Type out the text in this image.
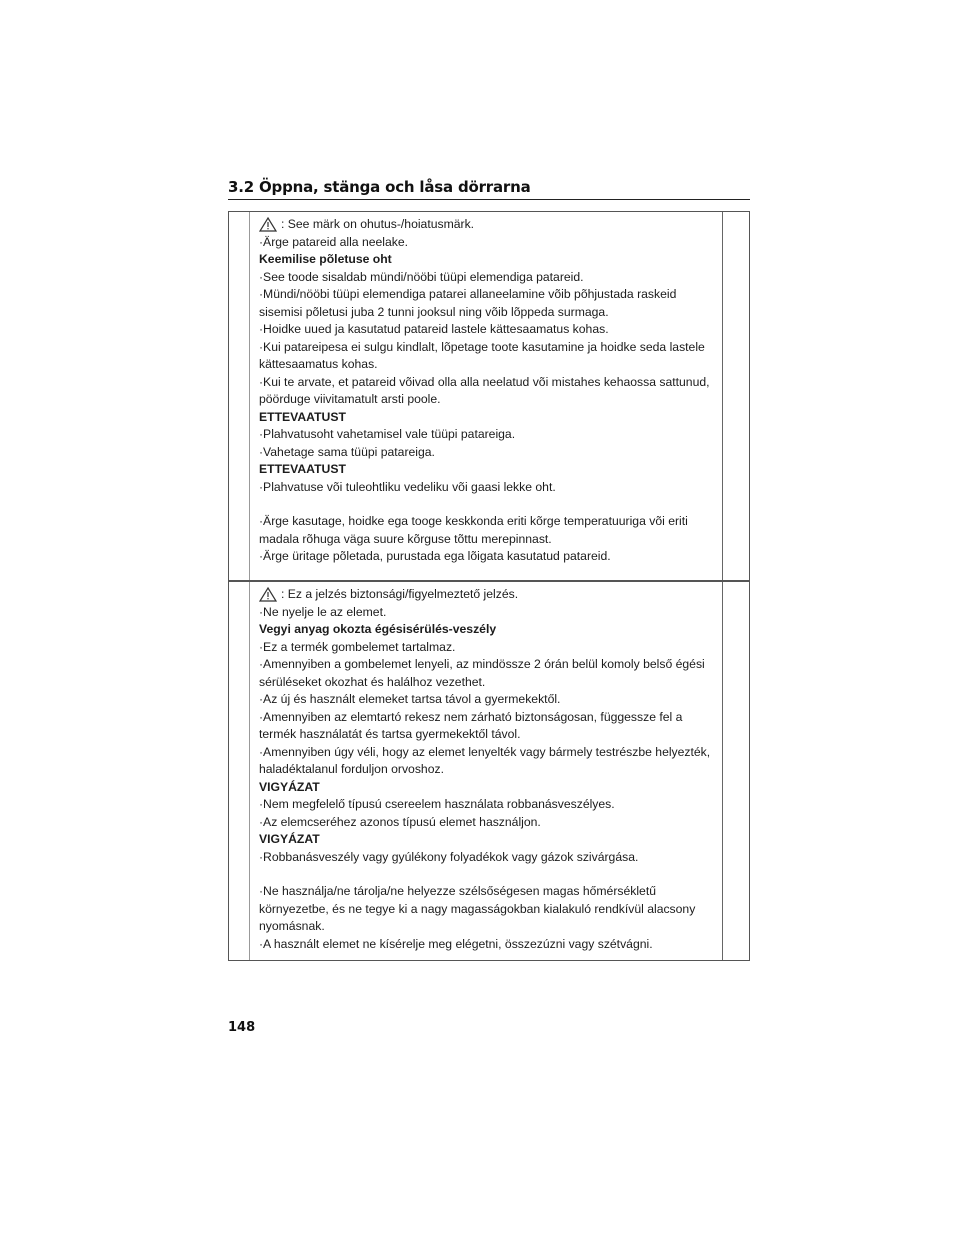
3.2 Öppna, stänga och låsa dörrarna

: See märk on ohutus-/hoiatusmärk.

·Ärge patareid alla neelake.

Keemilise põletuse oht

·See toode sisaldab mündi/nööbi tüüpi elemendiga patareid.

·Mündi/nööbi tüüpi elemendiga patarei allaneelamine võib põhjustada raskeid sisemisi põletusi juba 2 tunni jooksul ning võib lõppeda surmaga.

·Hoidke uued ja kasutatud patareid lastele kättesaamatus kohas.

·Kui patareipesa ei sulgu kindlalt, lõpetage toote kasutamine ja hoidke seda lastele kättesaamatus kohas.

·Kui te arvate, et patareid võivad olla alla neelatud või mistahes kehaossa sattunud, pöörduge viivitamatult arsti poole.

ETTEVAATUST

·Plahvatusoht vahetamisel vale tüüpi patareiga.

·Vahetage sama tüüpi patareiga.

ETTEVAATUST

·Plahvatuse või tuleohtliku vedeliku või gaasi lekke oht.

·Ärge kasutage, hoidke ega tooge keskkonda eriti kõrge temperatuuriga või eriti madala rõhuga väga suure kõrguse tõttu merepinnast.

·Ärge üritage põletada, purustada ega lõigata kasutatud patareid.

: Ez a jelzés biztonsági/figyelmeztető jelzés.

·Ne nyelje le az elemet.

Vegyi anyag okozta égésisérülés-veszély

·Ez a termék gombelemet tartalmaz.

·Amennyiben a gombelemet lenyeli, az mindössze 2 órán belül komoly belső égési sérüléseket okozhat és halálhoz vezethet.

·Az új és használt elemeket tartsa távol a gyermekektől.

·Amennyiben az elemtartó rekesz nem zárható biztonságosan, függessze fel a termék használatát és tartsa gyermekektől távol.

·Amennyiben úgy véli, hogy az elemet lenyelték vagy bármely testrészbe helyezték, haladéktalanul forduljon orvoshoz.

VIGYÁZAT

·Nem megfelelő típusú csereelem használata robbanásveszélyes.

·Az elemcseréhez azonos típusú elemet használjon.

VIGYÁZAT

·Robbanásveszély vagy gyúlékony folyadékok vagy gázok szivárgása.

·Ne használja/ne tárolja/ne helyezze szélsőségesen magas hőmérsékletű környezetbe, és ne tegye ki a nagy magasságokban kialakuló rendkívül alacsony nyomásnak.

·A használt elemet ne kísérelje meg elégetni, összezúzni vagy szétvágni.

148
